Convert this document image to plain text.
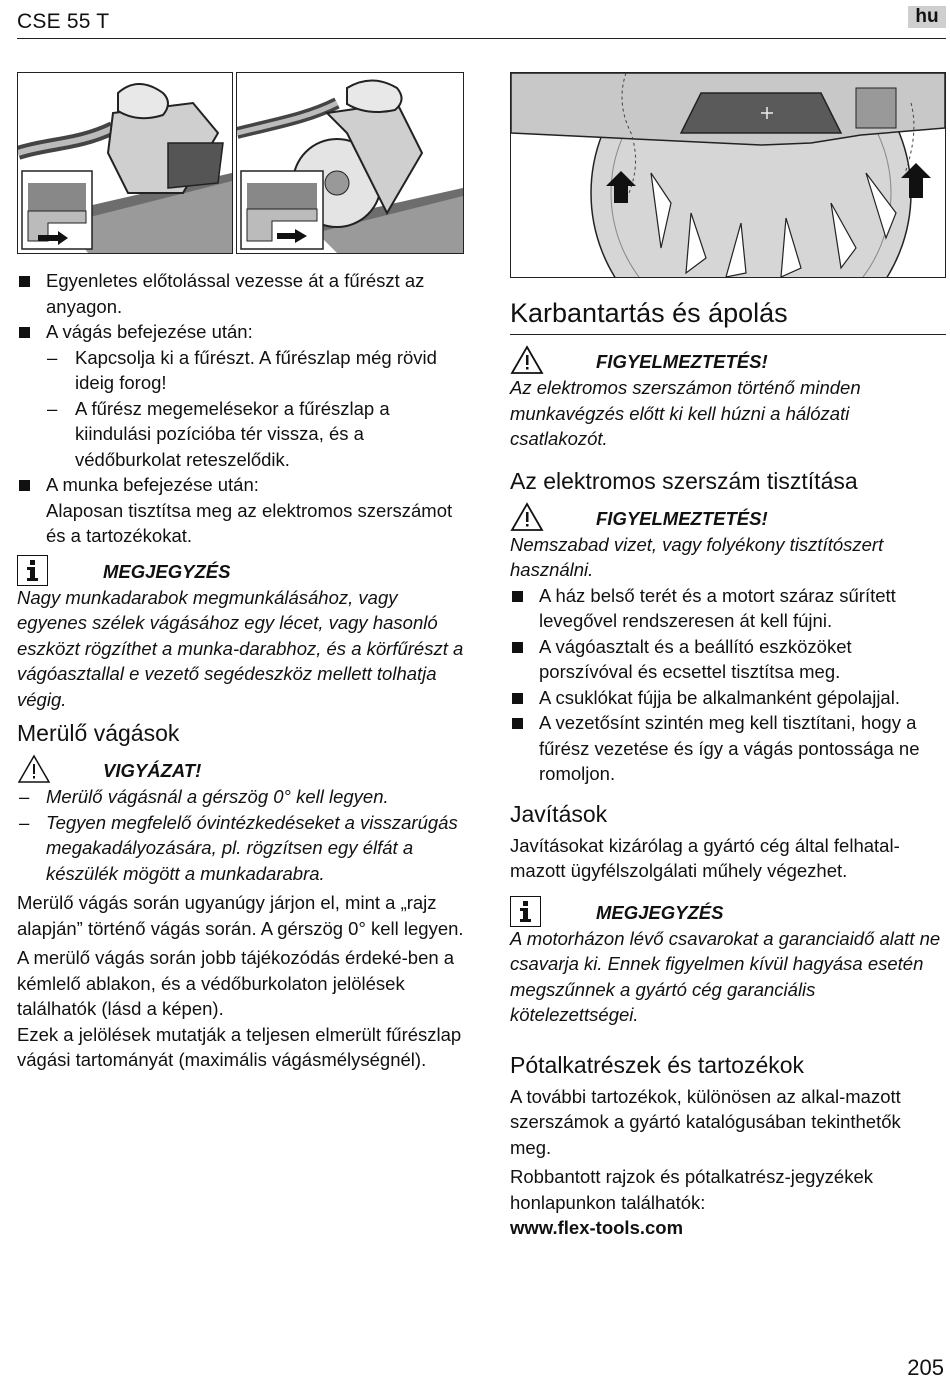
CSE 55 T	hu
Egyenletes előtolással vezesse át a fűrészt az anyagon.
A vágás befejezése után:
– Kapcsolja ki a fűrészt. A fűrészlap még rövid ideig forog!
– A fűrész megemelésekor a fűrészlap a kiindulási pozícióba tér vissza, és a védőburkolat reteszelődik.
A munka befejezése után:
Alaposan tisztítsa meg az elektromos szerszámot és a tartozékokat.
MEGJEGYZÉS
Nagy munkadarabok megmunkálásához, vagy egyenes szélek vágásához egy lécet, vagy hasonló eszközt rögzíthet a munka-darabhoz, és a körfűrészt a vágóasztallal e vezető segédeszköz mellett tolhatja végig.
Merülő vágások
VIGYÁZAT!
– Merülő vágásnál a gérszög 0° kell legyen.
– Tegyen megfelelő óvintézkedéseket a visszarúgás megakadályozására, pl. rögzítsen egy élfát a készülék mögött a munkadarabra.
Merülő vágás során ugyanúgy járjon el, mint a „rajz alapján” történő vágás során. A gérszög 0° kell legyen.
A merülő vágás során jobb tájékozódás érdeké-ben a kémlelő ablakon, és a védőburkolaton jelölések találhatók (lásd a képen).
Ezek a jelölések mutatják a teljesen elmerült fűrészlap vágási tartományát (maximális vágásmélységnél).
Karbantartás és ápolás
FIGYELMEZTETÉS!
Az elektromos szerszámon történő minden munkavégzés előtt ki kell húzni a hálózati csatlakozót.
Az elektromos szerszám tisztítása
FIGYELMEZTETÉS!
Nemszabad vizet, vagy folyékony tisztítószert használni.
A ház belső terét és a motort száraz sűrített levegővel rendszeresen át kell fújni.
A vágóasztalt és a beállító eszközöket porszívóval és ecsettel tisztítsa meg.
A csuklókat fújja be alkalmanként gépolajjal.
A vezetősínt szintén meg kell tisztítani, hogy a fűrész vezetése és így a vágás pontossága ne romoljon.
Javítások
Javításokat kizárólag a gyártó cég által felhatal-mazott ügyfélszolgálati műhely végezhet.
MEGJEGYZÉS
A motorházon lévő csavarokat a garanciaidő alatt ne csavarja ki. Ennek figyelmen kívül hagyása esetén megszűnnek a gyártó cég garanciális kötelezettségei.
Pótalkatrészek és tartozékok
A további tartozékok, különösen az alkal-mazott szerszámok a gyártó katalógusában tekinthetők meg.
Robbantott rajzok és pótalkatrész-jegyzékek honlapunkon találhatók:
www.flex-tools.com
205
